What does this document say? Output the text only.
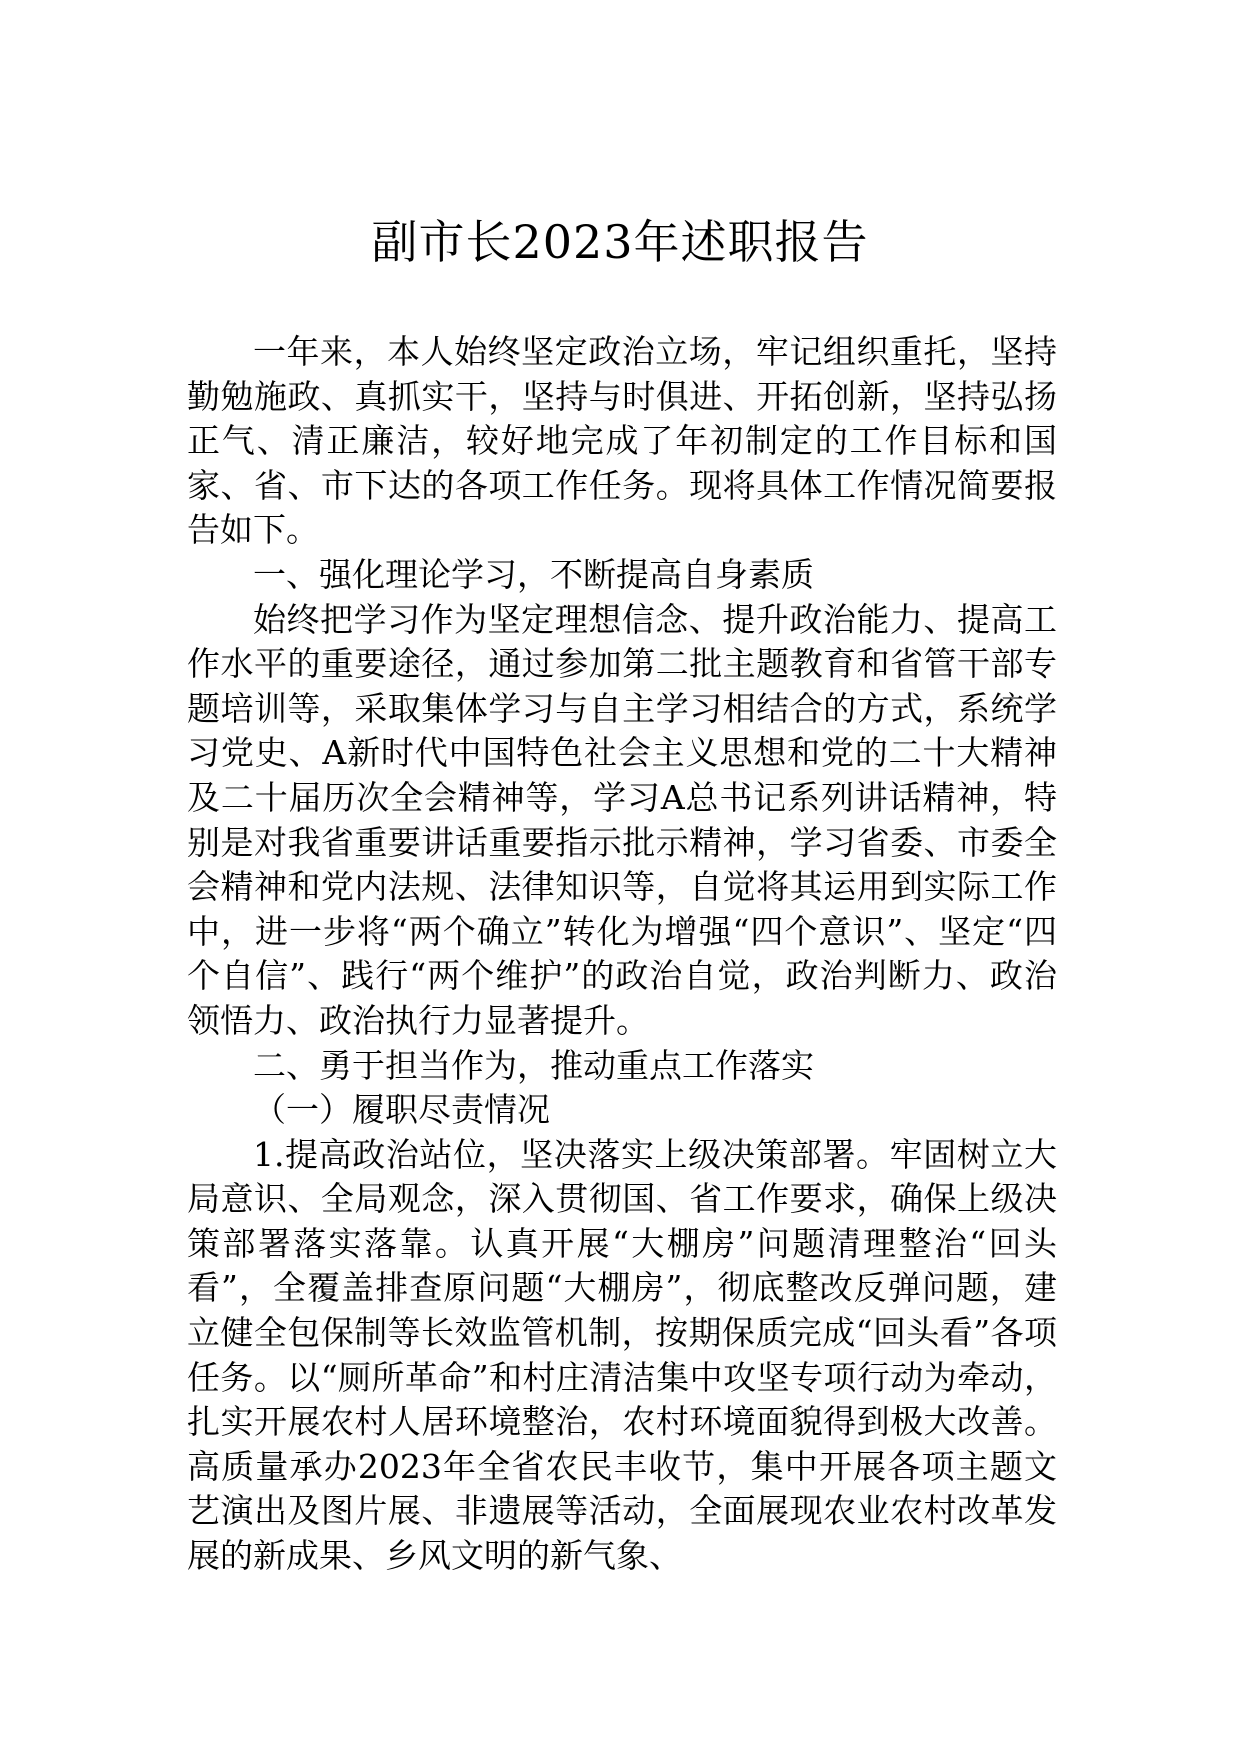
副市长2023年述职报告

一年来，本人始终坚定政治立场，牢记组织重托，坚持勤勉施政、真抓实干，坚持与时俱进、开拓创新，坚持弘扬正气、清正廉洁，较好地完成了年初制定的工作目标和国家、省、市下达的各项工作任务。现将具体工作情况简要报告如下。

一、强化理论学习，不断提高自身素质

始终把学习作为坚定理想信念、提升政治能力、提高工作水平的重要途径，通过参加第二批主题教育和省管干部专题培训等，采取集体学习与自主学习相结合的方式，系统学习党史、A新时代中国特色社会主义思想和党的二十大精神及二十届历次全会精神等，学习A总书记系列讲话精神，特别是对我省重要讲话重要指示批示精神，学习省委、市委全会精神和党内法规、法律知识等，自觉将其运用到实际工作中，进一步将“两个确立”转化为增强“四个意识”、坚定“四个自信”、践行“两个维护”的政治自觉，政治判断力、政治领悟力、政治执行力显著提升。

二、勇于担当作为，推动重点工作落实

（一）履职尽责情况

1.提高政治站位，坚决落实上级决策部署。牢固树立大局意识、全局观念，深入贯彻国、省工作要求，确保上级决策部署落实落靠。认真开展“大棚房”问题清理整治“回头看”，全覆盖排查原问题“大棚房”，彻底整改反弹问题，建立健全包保制等长效监管机制，按期保质完成“回头看”各项任务。以“厕所革命”和村庄清洁集中攻坚专项行动为牵动，扎实开展农村人居环境整治，农村环境面貌得到极大改善。高质量承办2023年全省农民丰收节，集中开展各项主题文艺演出及图片展、非遗展等活动，全面展现农业农村改革发展的新成果、乡风文明的新气象、
